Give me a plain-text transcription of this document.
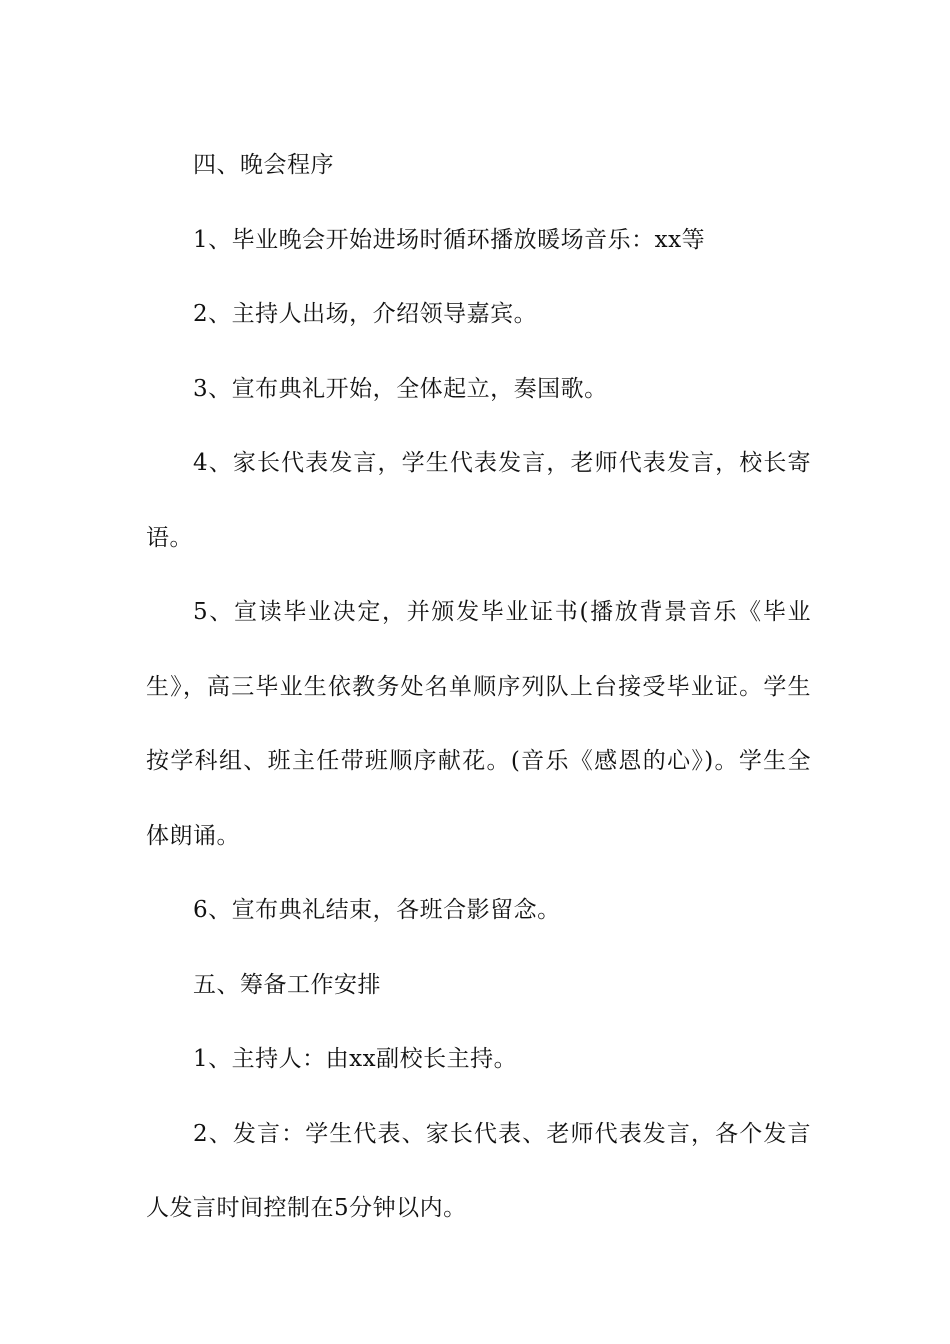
四、晚会程序

1、毕业晚会开始进场时循环播放暖场音乐：xx等

2、主持人出场，介绍领导嘉宾。

3、宣布典礼开始，全体起立，奏国歌。

4、家长代表发言，学生代表发言，老师代表发言，校长寄语。

5、宣读毕业决定，并颁发毕业证书(播放背景音乐《毕业生》，高三毕业生依教务处名单顺序列队上台接受毕业证。学生按学科组、班主任带班顺序献花。(音乐《感恩的心》)。学生全体朗诵。

6、宣布典礼结束，各班合影留念。

五、筹备工作安排

1、主持人：由xx副校长主持。

2、发言：学生代表、家长代表、老师代表发言，各个发言人发言时间控制在5分钟以内。
